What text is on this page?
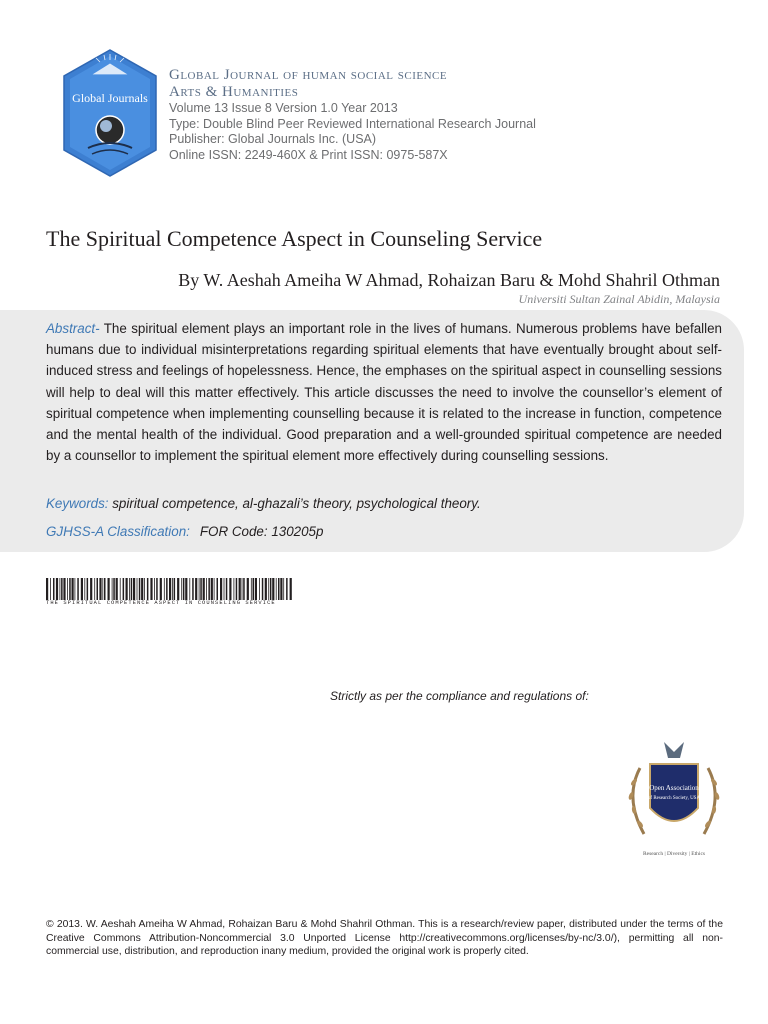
Global Journals
Global Journal of human social science
Arts & Humanities
Volume 13 Issue 8 Version 1.0 Year 2013
Type: Double Blind Peer Reviewed International Research Journal
Publisher: Global Journals Inc. (USA)
Online ISSN: 2249-460X & Print ISSN: 0975-587X
The Spiritual Competence Aspect in Counseling Service
By W. Aeshah Ameiha W Ahmad, Rohaizan Baru & Mohd Shahril Othman
Universiti Sultan Zainal Abidin, Malaysia
Abstract- The spiritual element plays an important role in the lives of humans. Numerous problems have befallen humans due to individual misinterpretations regarding spiritual elements that have eventually brought about self-induced stress and feelings of hopelessness. Hence, the emphases on the spiritual aspect in counselling sessions will help to deal will this matter effectively. This article discusses the need to involve the counsellor’s element of spiritual competence when implementing counselling because it is related to the increase in function, competence and the mental health of the individual. Good preparation and a well-grounded spiritual competence are needed by a counsellor to implement the spiritual element more effectively during counselling sessions.
Keywords: spiritual competence, al-ghazali’s theory, psychological theory.
GJHSS-A Classification: FOR Code: 130205p
THE SPIRITUAL COMPETENCE ASPECT IN COUNSELING SERVICE
Strictly as per the compliance and regulations of:
Open Association
of Research Society, USA
Research | Diversity | Ethics
© 2013. W. Aeshah Ameiha W Ahmad, Rohaizan Baru & Mohd Shahril Othman. This is a research/review paper, distributed under the terms of the Creative Commons Attribution-Noncommercial 3.0 Unported License http://creativecommons.org/licenses/by-nc/3.0/), permitting all non-commercial use, distribution, and reproduction inany medium, provided the original work is properly cited.
